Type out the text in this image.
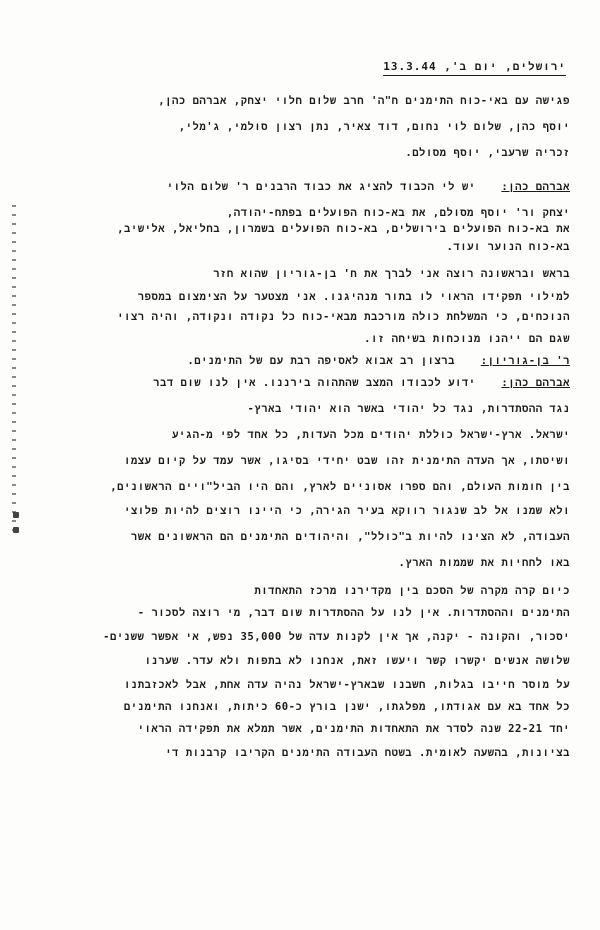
ירושלים, יום ב', 13.3.44
פגישה עם באי-כוח התימנים ח"ה' חרב שלום חלוי יצחק, אברהם כהן,
יוסף כהן, שלום לוי נחום, דוד צאיר, נתן רצון סולמי, ג'מלי,
זכריה שרעבי, יוסף מסולם.
אברהם כהן:  יש לי הכבוד להציג את כבוד הרבנים ר' שלום הלוי
יצחק ור' יוסף מסולם, את בא-כוח הפועלים בפתח-יהודה,
את בא-כוח הפועלים בירושלים, בא-כוח הפועלים בשמרון, בחליאל, אלישיב,
בא-כוח הנוער ועוד.
בראש ובראשונה רוצה אני לברך את ח' בן-גוריון שהוא חזר
למילוי תפקידו הראוי לו בתור מנהיגנו. אני מצטער על הצימצום במספר
הנוכחים, כי המשלחת כולה מורכבת מבאי-כוח כל נקודה ונקודה, והיה רצוי
שגם הם ייהנו מנוכחות בשיחה זו.
ר' בן-גוריון:  ברצון רב אבוא לאסיפה רבת עם של התימנים.
אברהם כהן:  ידוע לכבודו המצב שהתהוה בירננו. אין לנו שום דבר
נגד ההסתדרות, נגד כל יהודי באשר הוא יהודי בארץ-
ישראל. ארץ-ישראל כוללת יהודים מכל העדות, כל אחד לפי מ-הגיע
ושיטתו, אך העדה התימנית זהו שבט יחידי בסיגו, אשר עמד על קיום עצמו
בין חומות העולם, והם ספרו אסוניים לארץ, והם היו הביל"ויים הראשונים,
ולא שמנו אל לב שנגור רווקא בעיר הגירה, כי היינו רוצים להיות פלוצי
העבודה, לא הצינו להיות ב"כולל", והיהודים התימנים הם הראשונים אשר
באו לחחיות את שממות הארץ.
כיום קרה מקרה של הסכם בין מקדירנו מרכז התאחדות
התימנים וההסתדרות. אין לנו על ההסתדרות שום דבר, מי רוצה לסכור -
יסכור, והקונה - יקנה, אך אין לקנות עדה של 35,000 נפש, אי אפשר ששנים-
שלושה אנשים יקשרו קשר ויעשו זאת, אנחנו לא בתפות ולא עדר. שערנו
על מוסר חייבו בגלות, חשבנו שבארץ-ישראל נהיה עדה אחת, אבל לאכזבתנו
כל אחד בא עם אגודתו, מפלגתו, ישנן בורץ כ-60 כיתות, ואנחנו התימנים
יחד 22-21 שנה לסדר את התאחדות התימנים, אשר תמלא את תפקידה הראוי
בציונות, בהשעה לאומית. בשטח העבודה התימנים הקריבו קרבנות די
